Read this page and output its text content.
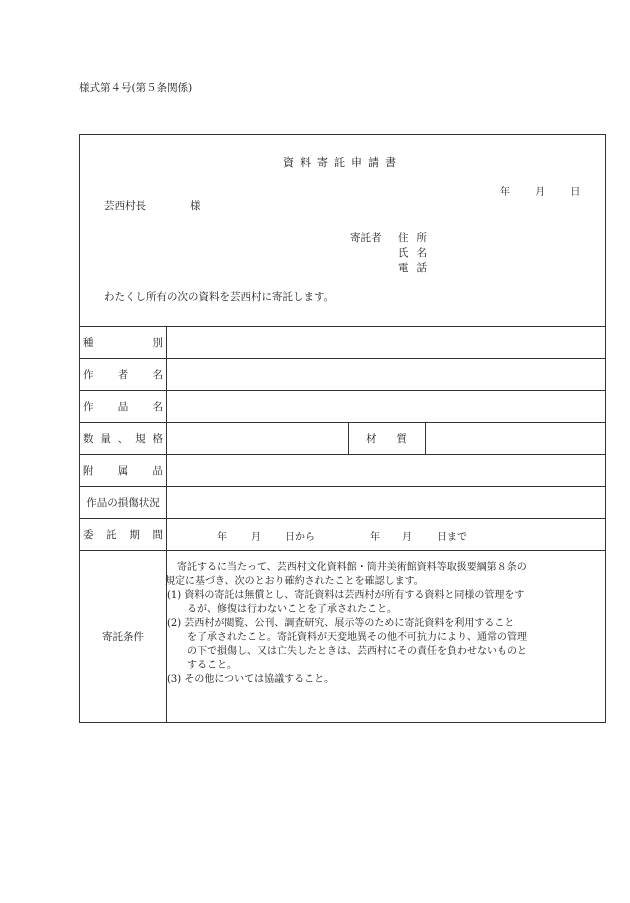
様式第４号(第５条関係)
資料寄託申請書
年	月	日
芸西村長	様
寄託者 住所
氏名
電話
わたくし所有の次の資料を芸西村に寄託します。
種	別
作 者 名
作 品 名
数 量 、 規 格	材 質
附 属 品
作品の損傷状況
委 託 期 間	年 月 日から	年 月	日まで
寄託条件
　寄託するに当たって、芸西村文化資料館・筒井美術館資料等取扱要綱第８条の
規定に基づき、次のとおり確約されたことを確認します。
(1) 資料の寄託は無償とし、寄託資料は芸西村が所有する資料と同様の管理をす
　　るが、修復は行わないことを了承されたこと。
(2) 芸西村が閲覧、公刊、調査研究、展示等のために寄託資料を利用すること
　　を了承されたこと。寄託資料が天変地異その他不可抗力により、通常の管理
　　の下で損傷し、又は亡失したときは、芸西村にその責任を負わせないものと
　　すること。
(3) その他については協議すること。
